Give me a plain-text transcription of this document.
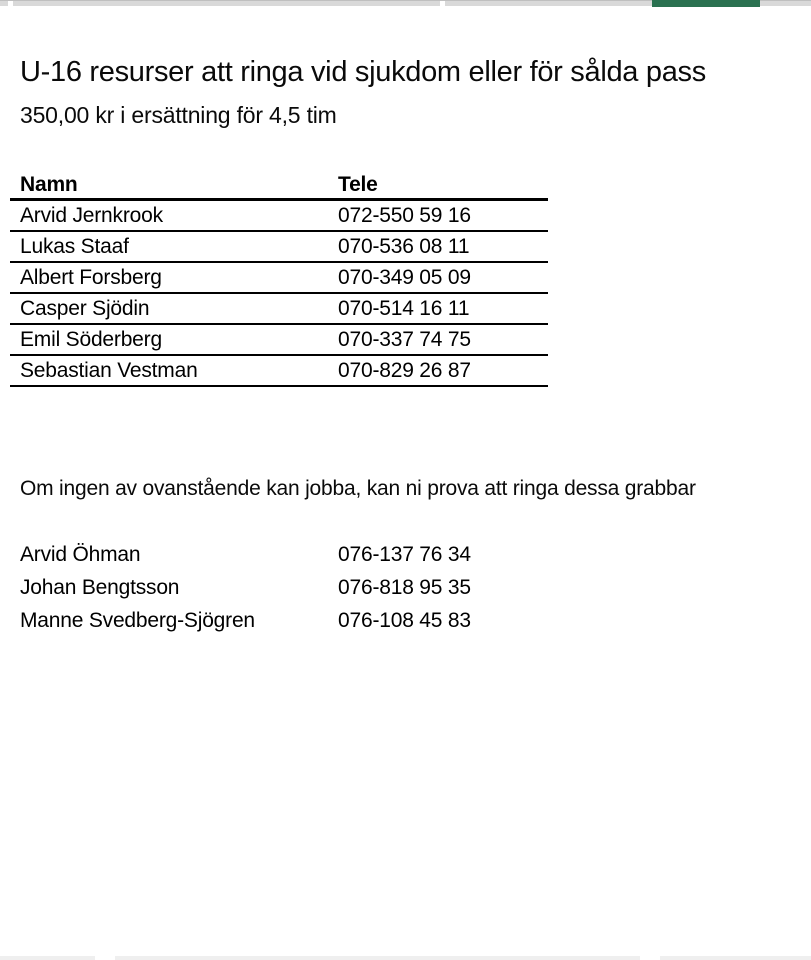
U-16 resurser att ringa vid sjukdom eller för sålda pass
350,00 kr i ersättning för 4,5 tim
Namn	Tele
Arvid Jernkrook	072-550 59 16
Lukas Staaf	070-536 08 11
Albert Forsberg	070-349 05 09
Casper Sjödin	070-514 16 11
Emil Söderberg	070-337 74 75
Sebastian Vestman	070-829 26 87
Om ingen av ovanstående kan jobba, kan ni prova att ringa dessa grabbar
Arvid Öhman	076-137 76 34
Johan Bengtsson	076-818 95 35
Manne Svedberg-Sjögren	076-108 45 83
